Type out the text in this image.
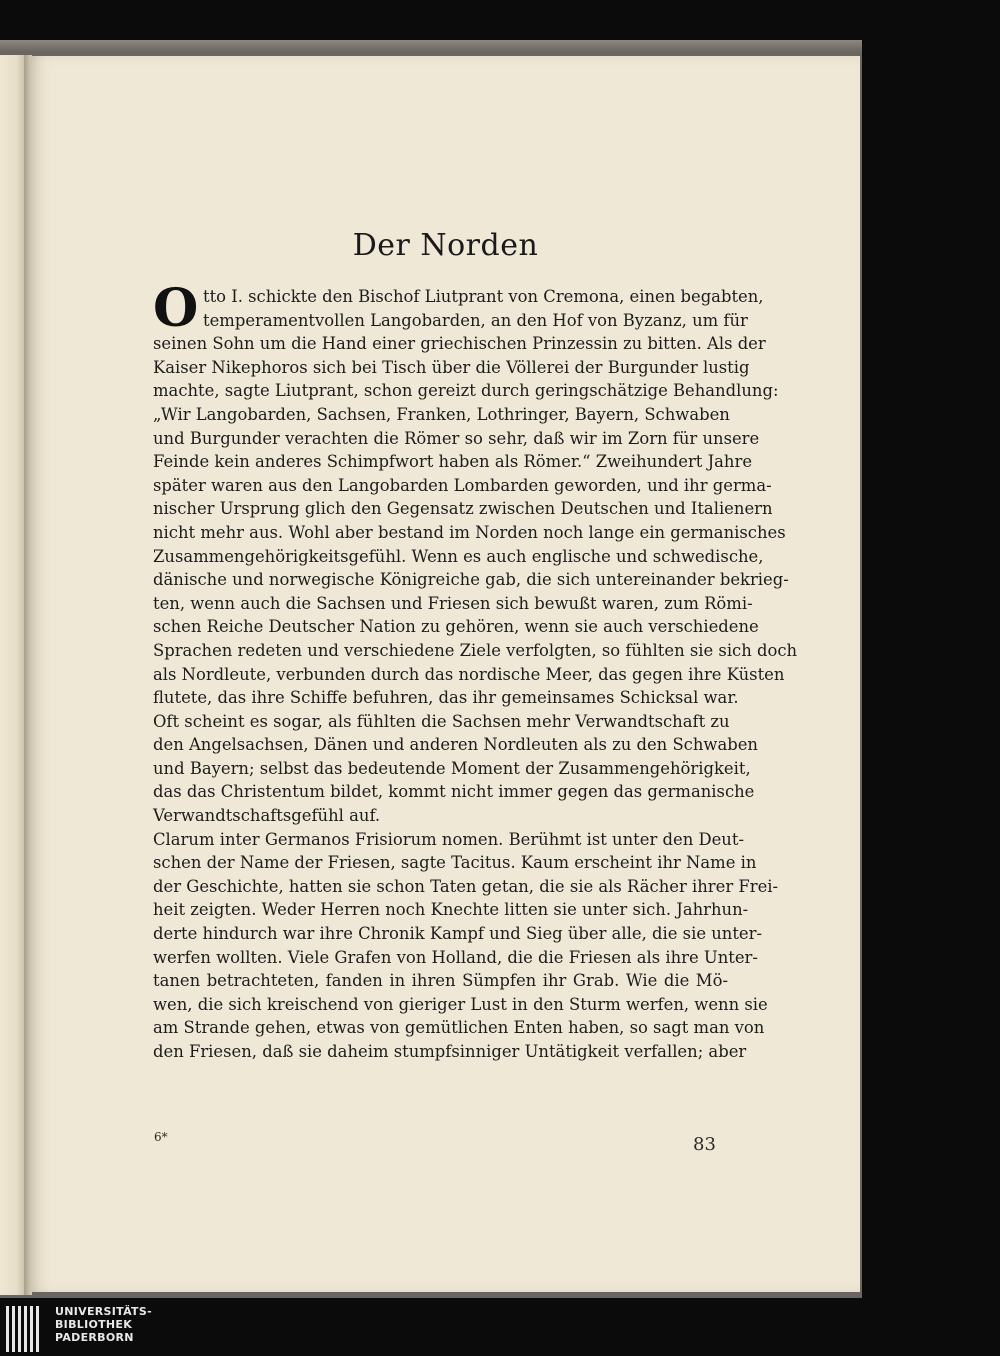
Der Norden
O tto I. schickte den Bischof Liutprant von Cremona, einen begabten,
temperamentvollen Langobarden, an den Hof von Byzanz, um für
seinen Sohn um die Hand einer griechischen Prinzessin zu bitten. Als der
Kaiser Nikephoros sich bei Tisch über die Völlerei der Burgunder lustig
machte, sagte Liutprant, schon gereizt durch geringschätzige Behandlung:
„Wir Langobarden, Sachsen, Franken, Lothringer, Bayern, Schwaben
und Burgunder verachten die Römer so sehr, daß wir im Zorn für unsere
Feinde kein anderes Schimpfwort haben als Römer.“ Zweihundert Jahre
später waren aus den Langobarden Lombarden geworden, und ihr germa-
nischer Ursprung glich den Gegensatz zwischen Deutschen und Italienern
nicht mehr aus. Wohl aber bestand im Norden noch lange ein germanisches
Zusammengehörigkeitsgefühl. Wenn es auch englische und schwedische,
dänische und norwegische Königreiche gab, die sich untereinander bekrieg-
ten, wenn auch die Sachsen und Friesen sich bewußt waren, zum Römi-
schen Reiche Deutscher Nation zu gehören, wenn sie auch verschiedene
Sprachen redeten und verschiedene Ziele verfolgten, so fühlten sie sich doch
als Nordleute, verbunden durch das nordische Meer, das gegen ihre Küsten
flutete, das ihre Schiffe befuhren, das ihr gemeinsames Schicksal war.
Oft scheint es sogar, als fühlten die Sachsen mehr Verwandtschaft zu
den Angelsachsen, Dänen und anderen Nordleuten als zu den Schwaben
und Bayern; selbst das bedeutende Moment der Zusammengehörigkeit,
das das Christentum bildet, kommt nicht immer gegen das germanische
Verwandtschaftsgefühl auf.
Clarum inter Germanos Frisiorum nomen. Berühmt ist unter den Deut-
schen der Name der Friesen, sagte Tacitus. Kaum erscheint ihr Name in
der Geschichte, hatten sie schon Taten getan, die sie als Rächer ihrer Frei-
heit zeigten. Weder Herren noch Knechte litten sie unter sich. Jahrhun-
derte hindurch war ihre Chronik Kampf und Sieg über alle, die sie unter-
werfen wollten. Viele Grafen von Holland, die die Friesen als ihre Unter-
tanen betrachteten, fanden in ihren Sümpfen ihr Grab. Wie die Mö-
wen, die sich kreischend von gieriger Lust in den Sturm werfen, wenn sie
am Strande gehen, etwas von gemütlichen Enten haben, so sagt man von
den Friesen, daß sie daheim stumpfsinniger Untätigkeit verfallen; aber
6*	83
UNIVERSITÄTS-
BIBLIOTHEK
PADERBORN
